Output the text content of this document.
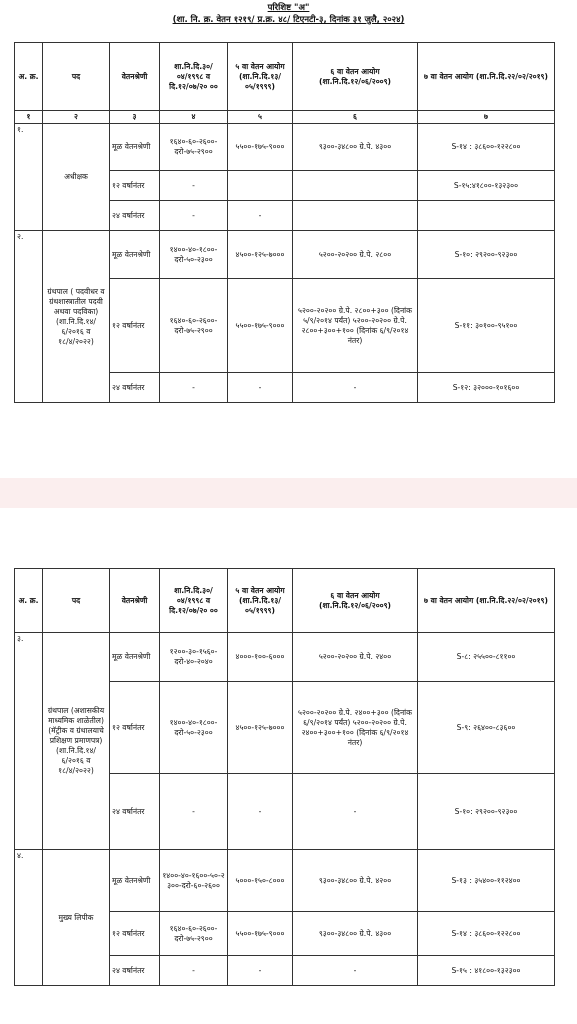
परिशिष्ट "अ"
(शा. नि. क्र. वेतन १२१९/ प्र.क्र. ४८/ टिएनटी-३, दिनांक ३१ जुलै, २०२४)
अ. क्र.	पद	वेतनश्रेणी	शा.नि.दि.३०/ ०४/१९९८ व दि.१२/०७/२० ००	५ वा वेतन आयोग (शा.नि.दि.१३/ ०५/१९९९)	६ वा वेतन आयोग (शा.नि.दि.१२/०६/२००९)	७ वा वेतन आयोग (शा.नि.दि.२२/०२/२०१९)
१	२	३	४	५	६	७
१.	अधीक्षक	मूळ वेतनश्रेणी	१६४०-६०-२६००-दरो-७५-२९००	५५००-१७५-९०००	९३००-३४८०० ग्रे.पे. ४३००	S-१४ : ३८६००-१२२८००
		१२ वर्षानंतर	-			S-१५:४१८००-१३२३००
		२४ वर्षानंतर	-	-		
२.	ग्रंथपाल ( पदवीधर व ग्रंथशास्त्रातील पदवी अथवा पदविका) (शा.नि.दि.१४/ ६/२०१६ व १८/४/२०२२)	मूळ वेतनश्रेणी	१४००-४०-१८००-दरो-५०-२३००	४५००-१२५-७०००	५२००-२०२०० ग्रे.पे. २८००	S-१०: २९२००-९२३००
		१२ वर्षानंतर	१६४०-६०-२६००-दरो-७५-२९००	५५००-१७५-९०००	५२००-२०२०० ग्रे.पे. २८००+३०० (दिनांक ५/९/२०१४ पर्यंत) ५२००-२०२०० ग्रे.पे. २८००+३००+१०० (दिनांक ६/९/२०१४ नंतर)	S-११: ३०१००-९५१००
		२४ वर्षानंतर	-	-	-	S-१२: ३२०००-१०१६००
अ. क्र.	पद	वेतनश्रेणी	शा.नि.दि.३०/ ०४/१९९८ व दि.१२/०७/२० ००	५ वा वेतन आयोग (शा.नि.दि.१३/ ०५/१९९९)	६ वा वेतन आयोग (शा.नि.दि.१२/०६/२००९)	७ वा वेतन आयोग (शा.नि.दि.२२/०२/२०१९)
३.	ग्रंथपाल (अशासकीय माध्यमिक शाळेतील) (मॅट्रीक व ग्रंथालयाचे प्रशिक्षण प्रमाणपत्र) (शा.नि.दि.१४/ ६/२०१६ व १८/४/२०२२)	मूळ वेतनश्रेणी	१२००-३०-१५६०-दरो-४०-२०४०	४०००-१००-६०००	५२००-२०२०० ग्रे.पे. २४००	S-८: २५५००-८११००
		१२ वर्षानंतर	१४००-४०-१८००-दरो-५०-२३००	४५००-१२५-७०००	५२००-२०२०० ग्रे.पे. २४००+३०० (दिनांक ६/९/२०१४ पर्यंत) ५२००-२०२०० ग्रे.पे. २४००+३००+१०० (दिनांक ६/९/२०१४ नंतर)	S-९: २६४००-८३६००
		२४ वर्षानंतर	-	-	-	S-१०: २९२००-९२३००
४.	मुख्य लिपीक	मूळ वेतनश्रेणी	१४००-४०-१६००-५०-२३००-दरो-६०-२६००	५०००-१५०-८०००	९३००-३४८०० ग्रे.पे. ४२००	S-१३ : ३५४००-११२४००
		१२ वर्षानंतर	१६४०-६०-२६००-दरो-७५-२९००	५५००-१७५-९०००	९३००-३४८०० ग्रे.पे. ४३००	S-१४ : ३८६००-१२२८००
		२४ वर्षानंतर	-	-	-	S-१५ : ४१८००-१३२३००
